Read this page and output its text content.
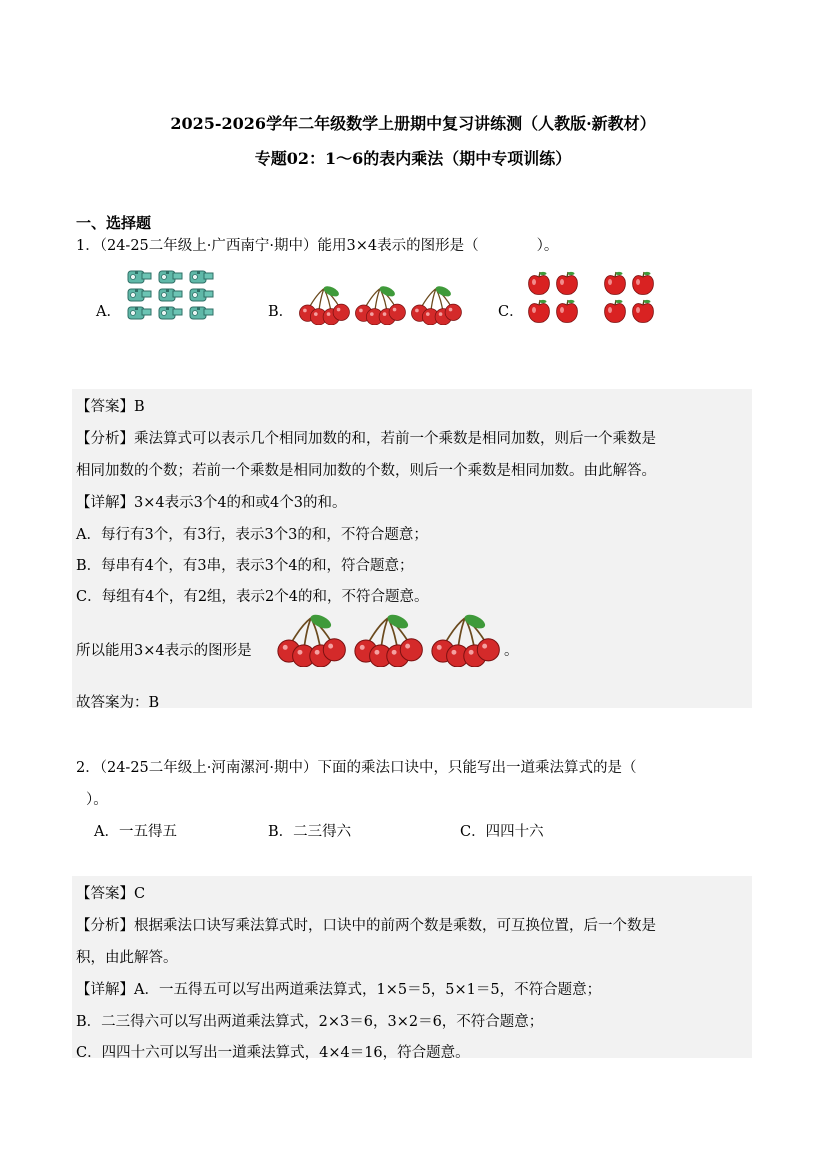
2025-2026学年二年级数学上册期中复习讲练测（人教版·新教材）
专题02：1～6的表内乘法（期中专项训练）
一、选择题
1．（24-25二年级上·广西南宁·期中）能用3×4表示的图形是（　　　　）。
A．	B．	C．
【答案】B
【分析】乘法算式可以表示几个相同加数的和，若前一个乘数是相同加数，则后一个乘数是
相同加数的个数；若前一个乘数是相同加数的个数，则后一个乘数是相同加数。由此解答。
【详解】3×4表示3个4的和或4个3的和。
A．每行有3个，有3行，表示3个3的和，不符合题意；
B．每串有4个，有3串，表示3个4的和，符合题意；
C．每组有4个，有2组，表示2个4的和，不符合题意。
所以能用3×4表示的图形是	。
故答案为：B
2．（24-25二年级上·河南漯河·期中）下面的乘法口诀中，只能写出一道乘法算式的是（
）。
A．一五得五	B．二三得六	C．四四十六
【答案】C
【分析】根据乘法口诀写乘法算式时，口诀中的前两个数是乘数，可互换位置，后一个数是
积，由此解答。
【详解】A．一五得五可以写出两道乘法算式，1×5＝5，5×1＝5，不符合题意；
B．二三得六可以写出两道乘法算式，2×3＝6，3×2＝6，不符合题意；
C．四四十六可以写出一道乘法算式，4×4＝16，符合题意。
